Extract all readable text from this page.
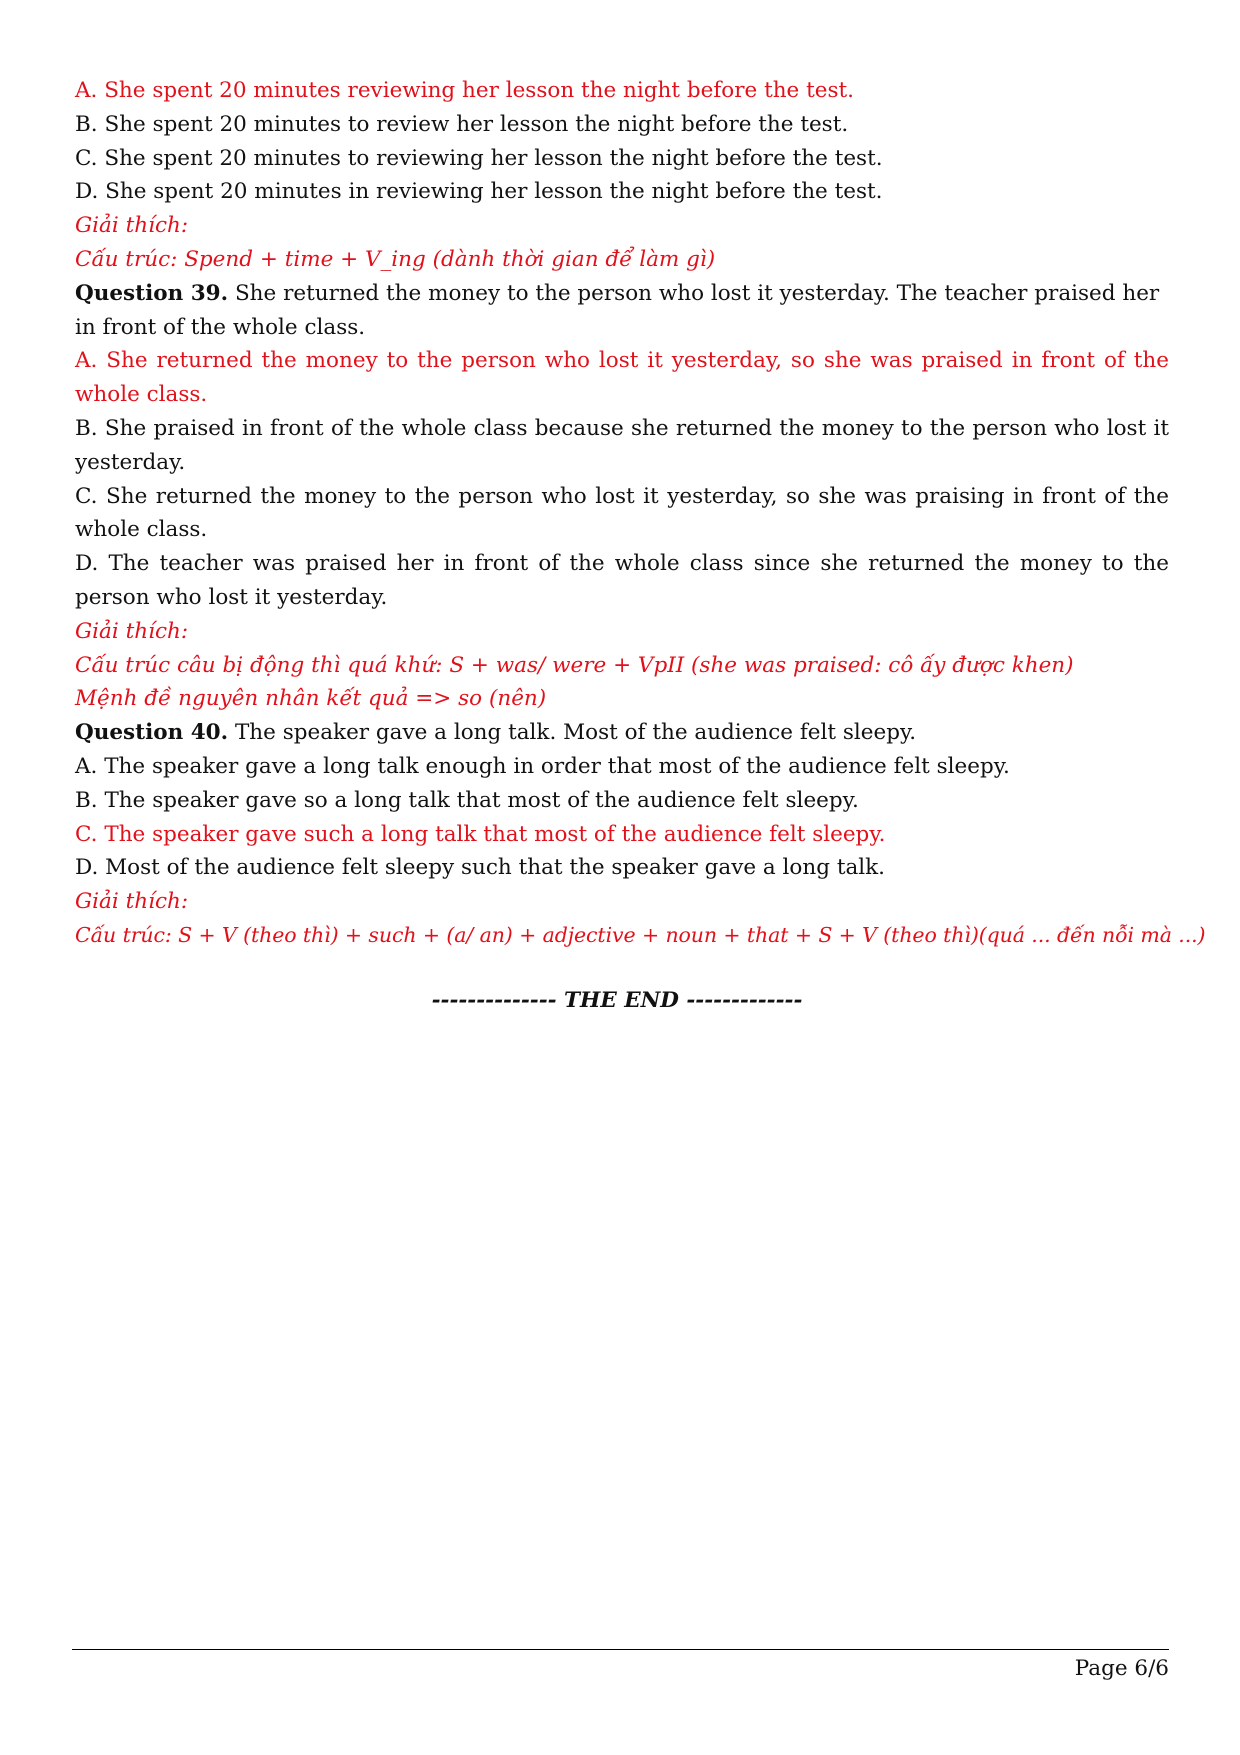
A. She spent 20 minutes reviewing her lesson the night before the test.

B. She spent 20 minutes to review her lesson the night before the test.

C. She spent 20 minutes to reviewing her lesson the night before the test.

D. She spent 20 minutes in reviewing her lesson the night before the test.

Giải thích:

Cấu trúc: Spend + time + V_ing (dành thời gian để làm gì)

Question 39. She returned the money to the person who lost it yesterday. The teacher praised her in front of the whole class.

A. She returned the money to the person who lost it yesterday, so she was praised in front of the whole class.

B. She praised in front of the whole class because she returned the money to the person who lost it yesterday.

C. She returned the money to the person who lost it yesterday, so she was praising in front of the whole class.

D. The teacher was praised her in front of the whole class since she returned the money to the person who lost it yesterday.

Giải thích:

Cấu trúc câu bị động thì quá khứ: S + was/ were + VpII (she was praised: cô ấy được khen)

Mệnh đề nguyên nhân kết quả => so (nên)

Question 40. The speaker gave a long talk. Most of the audience felt sleepy.

A. The speaker gave a long talk enough in order that most of the audience felt sleepy.

B. The speaker gave so a long talk that most of the audience felt sleepy.

C. The speaker gave such a long talk that most of the audience felt sleepy.

D. Most of the audience felt sleepy such that the speaker gave a long talk.

Giải thích:

Cấu trúc: S + V (theo thì) + such + (a/ an) + adjective + noun + that + S + V (theo thì)(quá ... đến nỗi mà ...)

-------------- THE END -------------

Page 6/6
